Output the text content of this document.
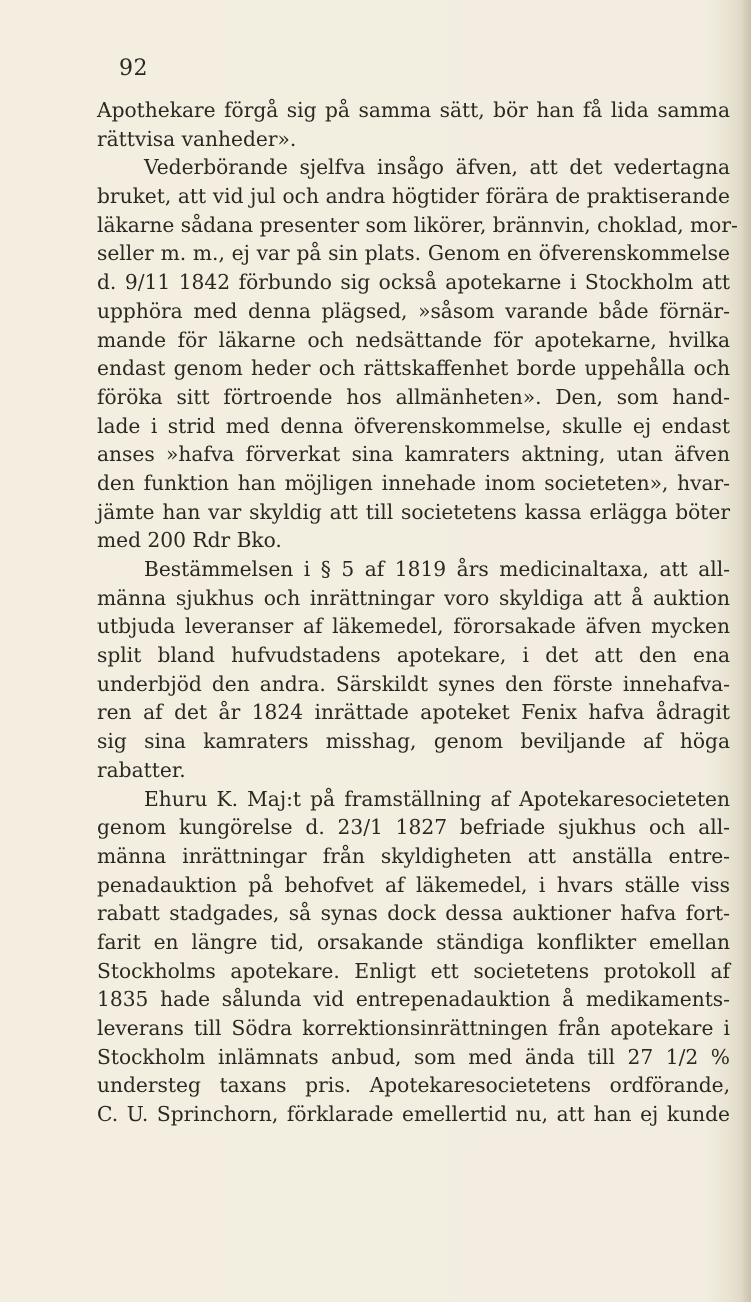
92

Apothekare förgå sig på samma sätt, bör han få lida samma
rättvisa vanheder».
Vederbörande sjelfva insågo äfven, att det vedertagna
bruket, att vid jul och andra högtider förära de praktiserande
läkarne sådana presenter som likörer, brännvin, choklad, mor-
seller m. m., ej var på sin plats. Genom en öfverenskommelse
d. 9/11 1842 förbundo sig också apotekarne i Stockholm att
upphöra med denna plägsed, »såsom varande både förnär-
mande för läkarne och nedsättande för apotekarne, hvilka
endast genom heder och rättskaffenhet borde uppehålla och
föröka sitt förtroende hos allmänheten». Den, som hand-
lade i strid med denna öfverenskommelse, skulle ej endast
anses »hafva förverkat sina kamraters aktning, utan äfven
den funktion han möjligen innehade inom societeten», hvar-
jämte han var skyldig att till societetens kassa erlägga böter
med 200 Rdr Bko.
Bestämmelsen i § 5 af 1819 års medicinaltaxa, att all-
männa sjukhus och inrättningar voro skyldiga att å auktion
utbjuda leveranser af läkemedel, förorsakade äfven mycken
split bland hufvudstadens apotekare, i det att den ena
underbjöd den andra. Särskildt synes den förste innehafva-
ren af det år 1824 inrättade apoteket Fenix hafva ådragit
sig sina kamraters misshag, genom beviljande af höga
rabatter.
Ehuru K. Maj:t på framställning af Apotekaresocieteten
genom kungörelse d. 23/1 1827 befriade sjukhus och all-
männa inrättningar från skyldigheten att anställa entre-
penadauktion på behofvet af läkemedel, i hvars ställe viss
rabatt stadgades, så synas dock dessa auktioner hafva fort-
farit en längre tid, orsakande ständiga konflikter emellan
Stockholms apotekare. Enligt ett societetens protokoll af
1835 hade sålunda vid entrepenadauktion å medikaments-
leverans till Södra korrektionsinrättningen från apotekare i
Stockholm inlämnats anbud, som med ända till 27 1/2 %
understeg taxans pris. Apotekaresocietetens ordförande,
C. U. Sprinchorn, förklarade emellertid nu, att han ej kunde
